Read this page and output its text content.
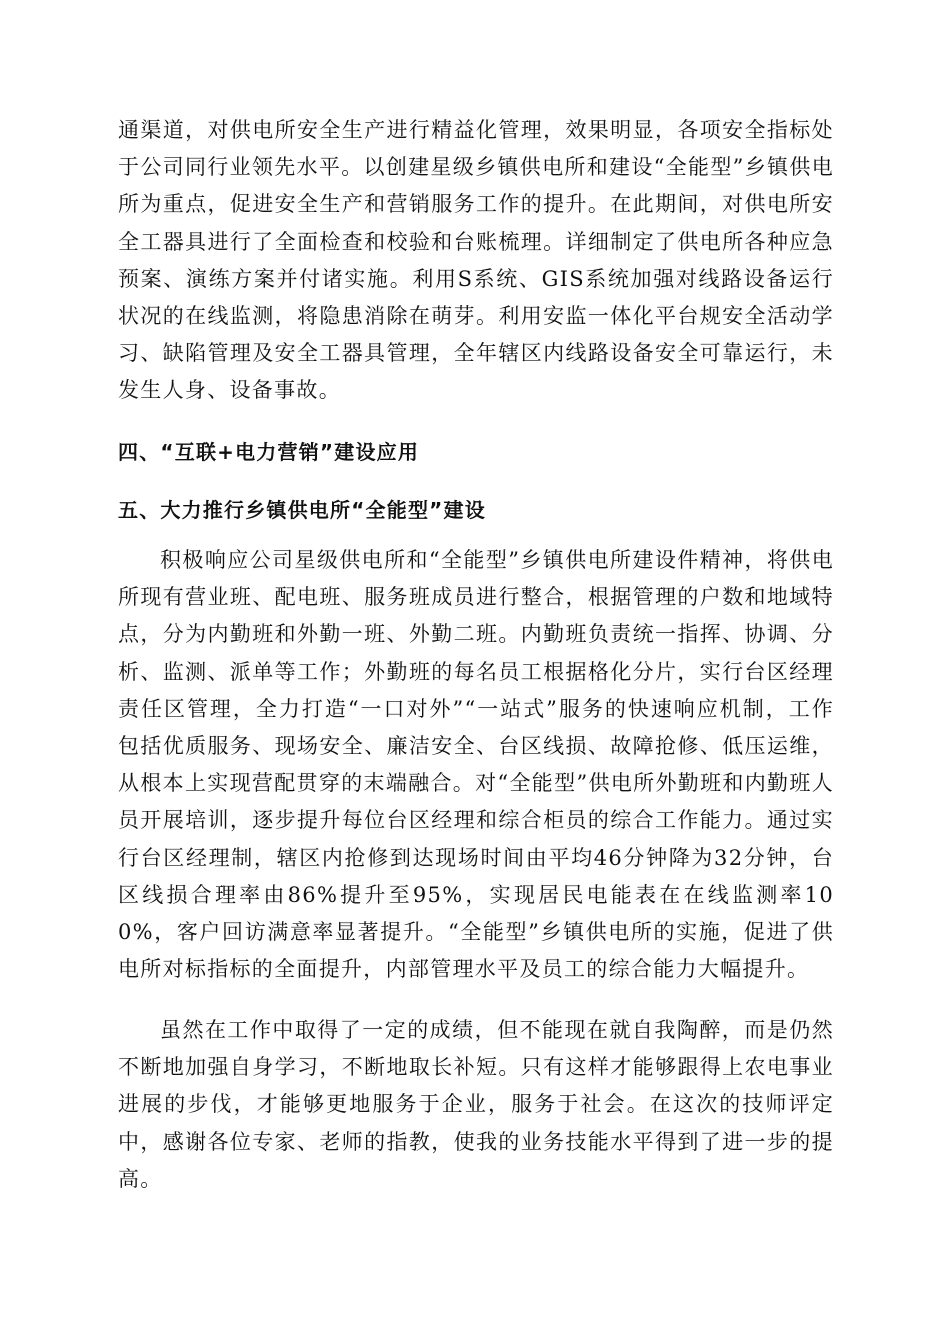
通渠道，对供电所安全生产进行精益化管理，效果明显，各项安全指标处于公司同行业领先水平。以创建星级乡镇供电所和建设“全能型”乡镇供电所为重点，促进安全生产和营销服务工作的提升。在此期间，对供电所安全工器具进行了全面检查和校验和台账梳理。详细制定了供电所各种应急预案、演练方案并付诸实施。利用S系统、GIS系统加强对线路设备运行状况的在线监测，将隐患消除在萌芽。利用安监一体化平台规安全活动学习、缺陷管理及安全工器具管理，全年辖区内线路设备安全可靠运行，未发生人身、设备事故。

四、“互联+电力营销”建设应用
五、大力推行乡镇供电所“全能型”建设

积极响应公司星级供电所和“全能型”乡镇供电所建设件精神，将供电所现有营业班、配电班、服务班成员进行整合，根据管理的户数和地域特点，分为内勤班和外勤一班、外勤二班。内勤班负责统一指挥、协调、分析、监测、派单等工作；外勤班的每名员工根据格化分片，实行台区经理责任区管理，全力打造“一口对外”“一站式”服务的快速响应机制，工作包括优质服务、现场安全、廉洁安全、台区线损、故障抢修、低压运维，从根本上实现营配贯穿的末端融合。对“全能型”供电所外勤班和内勤班人员开展培训，逐步提升每位台区经理和综合柜员的综合工作能力。通过实行台区经理制，辖区内抢修到达现场时间由平均46分钟降为32分钟，台区线损合理率由86%提升至95%，实现居民电能表在在线监测率100%，客户回访满意率显著提升。“全能型”乡镇供电所的实施，促进了供电所对标指标的全面提升，内部管理水平及员工的综合能力大幅提升。

虽然在工作中取得了一定的成绩，但不能现在就自我陶醉，而是仍然不断地加强自身学习，不断地取长补短。只有这样才能够跟得上农电事业进展的步伐，才能够更地服务于企业，服务于社会。在这次的技师评定中，感谢各位专家、老师的指教，使我的业务技能水平得到了进一步的提高。
